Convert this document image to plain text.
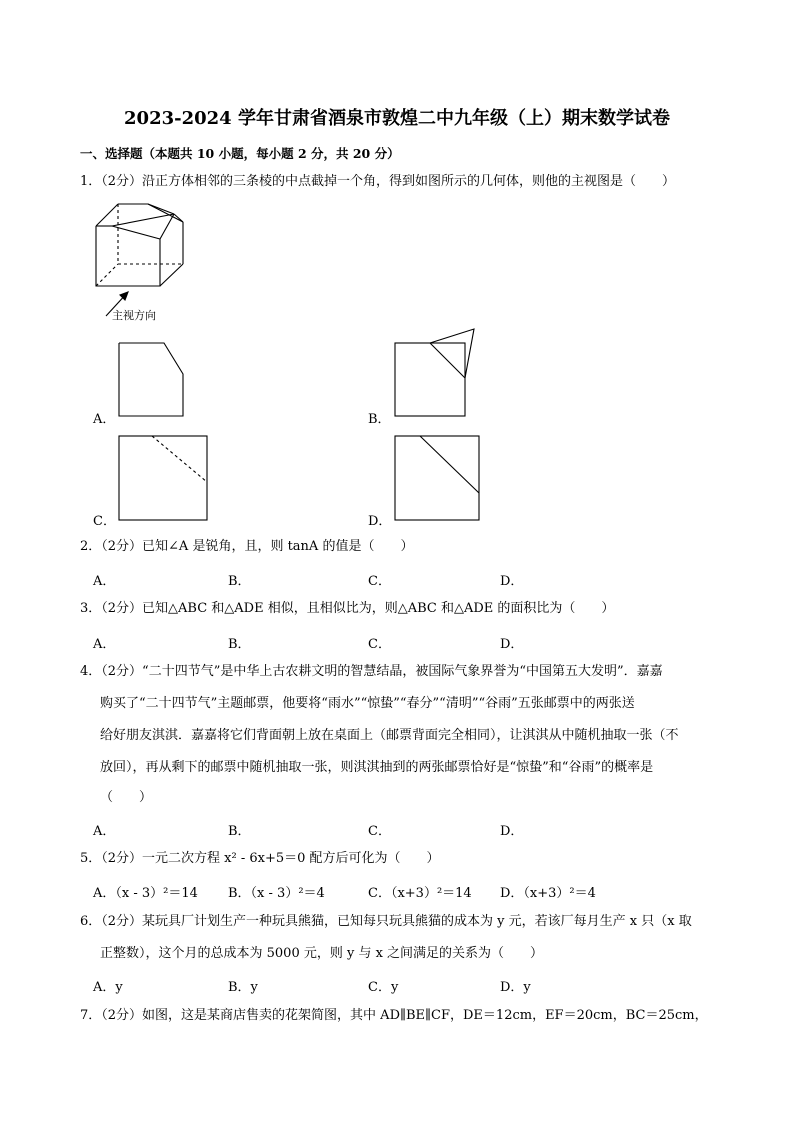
2023-2024 学年甘肃省酒泉市敦煌二中九年级（上）期末数学试卷
一、选择题（本题共 10 小题，每小题 2 分，共 20 分）
1．（2分）沿正方体相邻的三条棱的中点截掉一个角，得到如图所示的几何体，则他的主视图是（　　）
主视方向
A．	B．
C．	D．
2．（2分）已知∠A 是锐角，且，则 tanA 的值是（　　）
A．	B．	C．	D．
3．（2分）已知△ABC 和△ADE 相似，且相似比为，则△ABC 和△ADE 的面积比为（　　）
A．	B．	C．	D．
4．（2分）“二十四节气”是中华上古农耕文明的智慧结晶，被国际气象界誉为“中国第五大发明”．嘉嘉
购买了“二十四节气”主题邮票，他要将“雨水”“惊蛰”“春分”“清明”“谷雨”五张邮票中的两张送
给好朋友淇淇．嘉嘉将它们背面朝上放在桌面上（邮票背面完全相同），让淇淇从中随机抽取一张（不
放回），再从剩下的邮票中随机抽取一张，则淇淇抽到的两张邮票恰好是“惊蛰”和“谷雨”的概率是
（　　）
A．	B．	C．	D．
5．（2分）一元二次方程 x² - 6x+5＝0 配方后可化为（　　）
A．（x - 3）²＝14 B．（x - 3）²＝4	C．（x+3）²＝14 D．（x+3）²＝4
6．（2分）某玩具厂计划生产一种玩具熊猫，已知每只玩具熊猫的成本为 y 元，若该厂每月生产 x 只（x 取
正整数），这个月的总成本为 5000 元，则 y 与 x 之间满足的关系为（　　）
A．y	B．y	C．y	D．y
7．（2分）如图，这是某商店售卖的花架简图，其中 AD∥BE∥CF，DE＝12cm，EF＝20cm，BC＝25cm，
